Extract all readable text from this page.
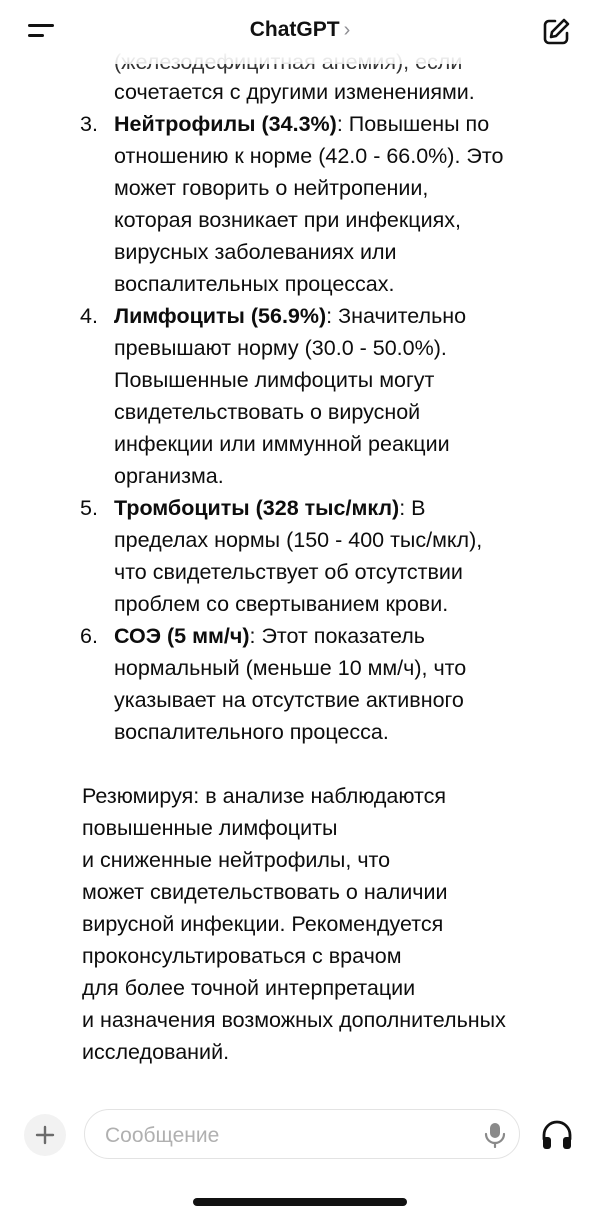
сочетается с другими изменениями.
3. Нейтрофилы (34.3%): Повышены по
отношению к норме (42.0 - 66.0%). Это
может говорить о нейтропении,
которая возникает при инфекциях,
вирусных заболеваниях или
воспалительных процессах.
4. Лимфоциты (56.9%): Значительно
превышают норму (30.0 - 50.0%).
Повышенные лимфоциты могут
свидетельствовать о вирусной
инфекции или иммунной реакции
организма.
5. Тромбоциты (328 тыс/мкл): В
пределах нормы (150 - 400 тыс/мкл),
что свидетельствует об отсутствии
проблем со свертыванием крови.
6. СОЭ (5 мм/ч): Этот показатель
нормальный (меньше 10 мм/ч), что
указывает на отсутствие активного
воспалительного процесса.
Резюмируя: в анализе наблюдаются
повышенные лимфоциты
и сниженные нейтрофилы, что
может свидетельствовать о наличии
вирусной инфекции. Рекомендуется
проконсультироваться с врачом
для более точной интерпретации
и назначения возможных дополнительных
исследований.
ChatGPT ›
Сообщение
